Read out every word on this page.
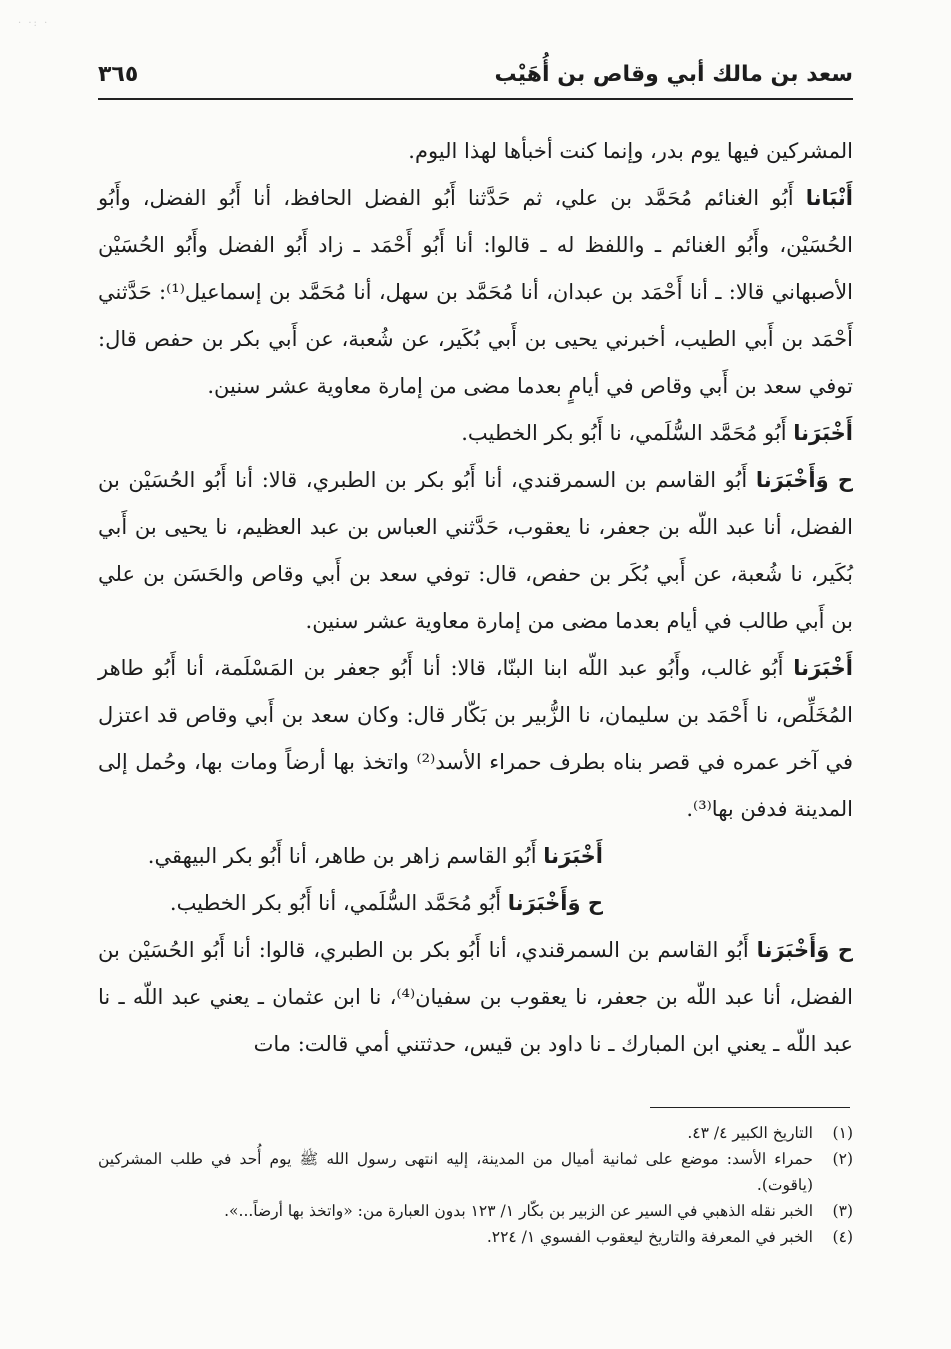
· ·: ·
سعد بن مالك أبي وقاص بن أُهَيْب
٣٦٥

المشركين فيها يوم بدر، وإنما كنت أخبأها لهذا اليوم.

أَنْبَانا أَبُو الغنائم مُحَمَّد بن علي، ثم حَدَّثنا أَبُو الفضل الحافظ، أنا أَبُو الفضل، وأَبُو الحُسَيْن، وأَبُو الغنائم ـ واللفظ له ـ قالوا: أنا أَبُو أَحْمَد ـ زاد أَبُو الفضل وأَبُو الحُسَيْن الأصبهاني قالا: ـ أنا أَحْمَد بن عبدان، أنا مُحَمَّد بن سهل، أنا مُحَمَّد بن إسماعيل⁽¹⁾: حَدَّثني أَحْمَد بن أَبي الطيب، أخبرني يحيى بن أَبي بُكَير، عن شُعبة، عن أَبي بكر بن حفص قال: توفي سعد بن أَبي وقاص في أيامٍ بعدما مضى من إمارة معاوية عشر سنين.

أَخْبَرَنا أَبُو مُحَمَّد السُّلَمي، نا أَبُو بكر الخطيب.

ح وَأَخْبَرَنا أَبُو القاسم بن السمرقندي، أنا أَبُو بكر بن الطبري، قالا: أنا أَبُو الحُسَيْن بن الفضل، أنا عبد اللّه بن جعفر، نا يعقوب، حَدَّثني العباس بن عبد العظيم، نا يحيى بن أَبي بُكَير، نا شُعبة، عن أَبي بُكَر بن حفص، قال: توفي سعد بن أَبي وقاص والحَسَن بن علي بن أَبي طالب في أيام بعدما مضى من إمارة معاوية عشر سنين.

أَخْبَرَنا أَبُو غالب، وأَبُو عبد اللّه ابنا البنّا، قالا: أنا أَبُو جعفر بن المَسْلَمة، أنا أَبُو طاهر المُخَلِّص، نا أَحْمَد بن سليمان، نا الزُّبير بن بَكّار قال: وكان سعد بن أَبي وقاص قد اعتزل في آخر عمره في قصر بناه بطرف حمراء الأسد⁽²⁾ واتخذ بها أرضاً ومات بها، وحُمل إلى المدينة فدفن بها⁽³⁾.

أَخْبَرَنا أَبُو القاسم زاهر بن طاهر، أنا أَبُو بكر البيهقي.

ح وَأَخْبَرَنا أَبُو مُحَمَّد السُّلَمي، أنا أَبُو بكر الخطيب.

ح وَأَخْبَرَنا أَبُو القاسم بن السمرقندي، أنا أَبُو بكر بن الطبري، قالوا: أنا أَبُو الحُسَيْن بن الفضل، أنا عبد اللّه بن جعفر، نا يعقوب بن سفيان⁽⁴⁾، نا ابن عثمان ـ يعني عبد اللّه ـ نا عبد اللّه ـ يعني ابن المبارك ـ نا داود بن قيس، حدثتني أمي قالت: مات

(١)
التاريخ الكبير ٤/ ٤٣.

(٢)
حمراء الأسد: موضع على ثمانية أميال من المدينة، إليه انتهى رسول الله ﷺ يوم أُحد في طلب المشركين (ياقوت).

(٣)
الخبر نقله الذهبي في السير عن الزبير بن بكّار ١/ ١٢٣ بدون العبارة من: «واتخذ بها أرضاً...».

(٤)
الخبر في المعرفة والتاريخ ليعقوب الفسوي ١/ ٢٢٤.
